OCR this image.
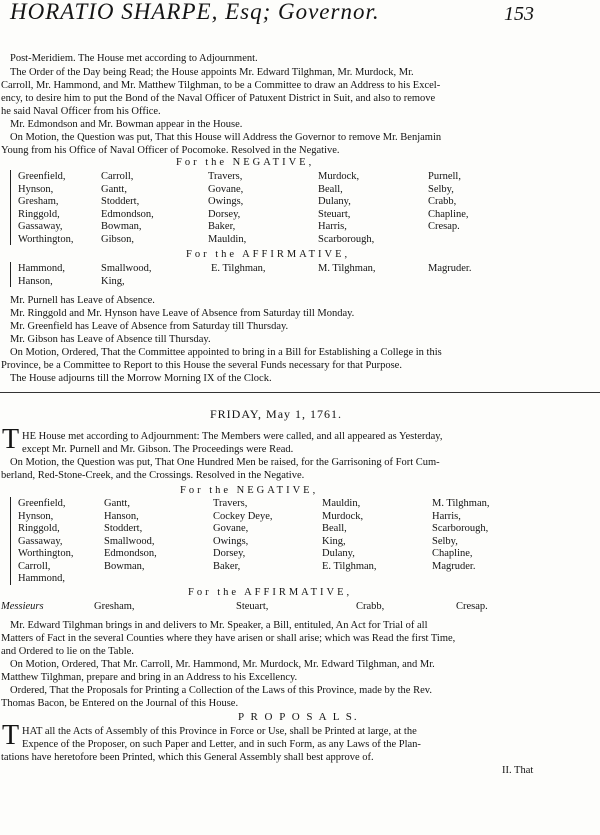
HORATIO SHARPE, Esq; Governor.	153
Post-Meridiem. The House met according to Adjournment.
The Order of the Day being Read; the House appoints Mr. Edward Tilghman, Mr. Murdock, Mr.
Carroll, Mr. Hammond, and Mr. Matthew Tilghman, to be a Committee to draw an Address to his Excel-
ency, to desire him to put the Bond of the Naval Officer of Patuxent District in Suit, and also to remove
he said Naval Officer from his Office.
Mr. Edmondson and Mr. Bowman appear in the House.
On Motion, the Question was put, That this House will Address the Governor to remove Mr. Benjamin
Young from his Office of Naval Officer of Pocomoke. Resolved in the Negative.
For the NEGATIVE,
Greenfield,	Carroll,	Travers,	Murdock,	Purnell,
Hynson,	Gantt,	Govane,	Beall,	Selby,
Gresham,	Stoddert,	Owings,	Dulany,	Crabb,
Ringgold,	Edmondson,	Dorsey,	Steuart,	Chapline,
Gassaway,	Bowman,	Baker,	Harris,	Cresap.
Worthington,	Gibson,	Mauldin,	Scarborough,
For the AFFIRMATIVE,
Hammond,	Smallwood,	E. Tilghman,	M. Tilghman,	Magruder.
Hanson,	King,
Mr. Purnell has Leave of Absence.
Mr. Ringgold and Mr. Hynson have Leave of Absence from Saturday till Monday.
Mr. Greenfield has Leave of Absence from Saturday till Thursday.
Mr. Gibson has Leave of Absence till Thursday.
On Motion, Ordered, That the Committee appointed to bring in a Bill for Establishing a College in this
Province, be a Committee to Report to this House the several Funds necessary for that Purpose.
The House adjourns till the Morrow Morning IX of the Clock.
FRIDAY, May 1, 1761.
T HE House met according to Adjournment: The Members were called, and all appeared as Yesterday,
except Mr. Purnell and Mr. Gibson. The Proceedings were Read.
On Motion, the Question was put, That One Hundred Men be raised, for the Garrisoning of Fort Cum-
berland, Red-Stone-Creek, and the Crossings. Resolved in the Negative.
For the NEGATIVE,
Greenfield,	Gantt,	Travers,	Mauldin,	M. Tilghman,
Hynson,	Hanson,	Cockey Deye,	Murdock,	Harris,
Ringgold,	Stoddert,	Govane,	Beall,	Scarborough,
Gassaway,	Smallwood,	Owings,	King,	Selby,
Worthington,	Edmondson,	Dorsey,	Dulany,	Chapline,
Carroll,	Bowman,	Baker,	E. Tilghman,	Magruder.
Hammond,
For the AFFIRMATIVE,
Messieurs	Gresham,	Steuart,	Crabb,	Cresap.
Mr. Edward Tilghman brings in and delivers to Mr. Speaker, a Bill, entituled, An Act for Trial of all
Matters of Fact in the several Counties where they have arisen or shall arise; which was Read the first Time,
and Ordered to lie on the Table.
On Motion, Ordered, That Mr. Carroll, Mr. Hammond, Mr. Murdock, Mr. Edward Tilghman, and Mr.
Matthew Tilghman, prepare and bring in an Address to his Excellency.
Ordered, That the Proposals for Printing a Collection of the Laws of this Province, made by the Rev.
Thomas Bacon, be Entered on the Journal of this House.
P R O P O S A L S.
T HAT all the Acts of Assembly of this Province in Force or Use, shall be Printed at large, at the
Expence of the Proposer, on such Paper and Letter, and in such Form, as any Laws of the Plan-
tations have heretofore been Printed, which this General Assembly shall best approve of.
II. That
